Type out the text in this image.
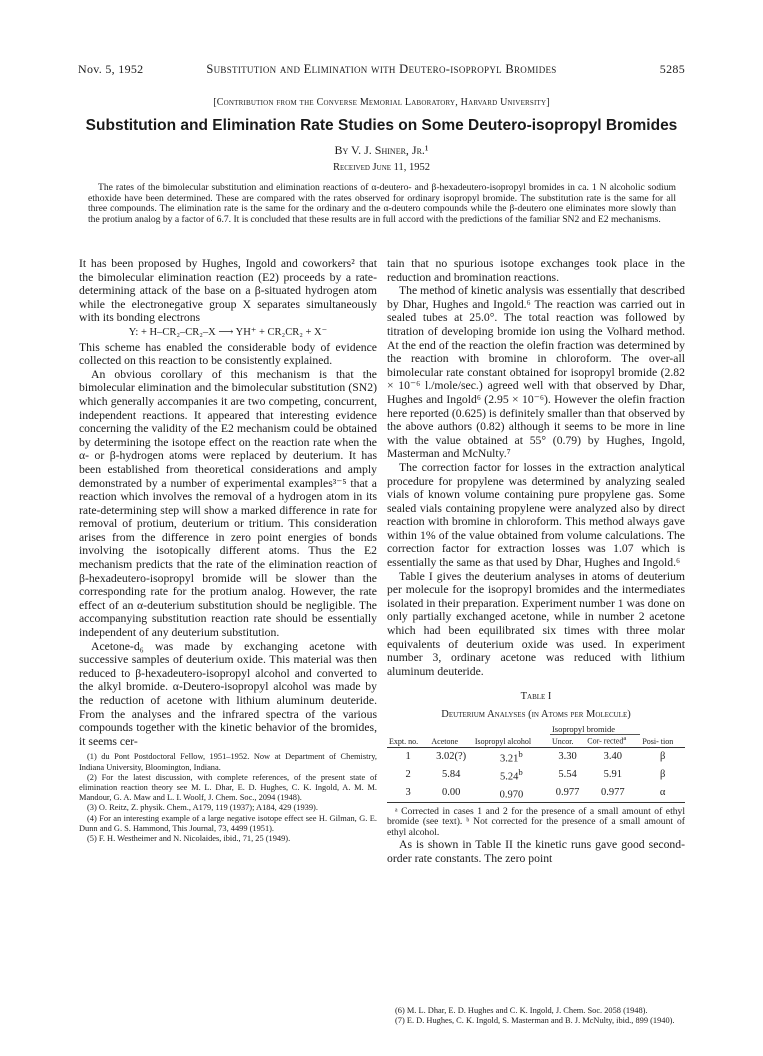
Nov. 5, 1952	Substitution and Elimination with Deutero-isopropyl Bromides	5285
[Contribution from the Converse Memorial Laboratory, Harvard University]
Substitution and Elimination Rate Studies on Some Deutero-isopropyl Bromides
By V. J. Shiner, Jr.¹
Received June 11, 1952
The rates of the bimolecular substitution and elimination reactions of α-deutero- and β-hexadeutero-isopropyl bromides in ca. 1 N alcoholic sodium ethoxide have been determined. These are compared with the rates observed for ordinary isopropyl bromide. The substitution rate is the same for all three compounds. The elimination rate is the same for the ordinary and the α-deutero compounds while the β-deutero one eliminates more slowly than the protium analog by a factor of 6.7. It is concluded that these results are in full accord with the predictions of the familiar SN2 and E2 mechanisms.

It has been proposed by Hughes, Ingold and coworkers² that the bimolecular elimination reaction (E2) proceeds by a rate-determining attack of the base on a β-situated hydrogen atom while the electronegative group X separates simultaneously with its bonding electrons

Y: + H–CR₂–CR₂–X ⟶ YH⁺ + CR₂CR₂ + X⁻

This scheme has enabled the considerable body of evidence collected on this reaction to be consistently explained.

An obvious corollary of this mechanism is that the bimolecular elimination and the bimolecular substitution (SN2) which generally accompanies it are two competing, concurrent, independent reactions. It appeared that interesting evidence concerning the validity of the E2 mechanism could be obtained by determining the isotope effect on the reaction rate when the α- or β-hydrogen atoms were replaced by deuterium. It has been established from theoretical considerations and amply demonstrated by a number of experimental examples³⁻⁵ that a reaction which involves the removal of a hydrogen atom in its rate-determining step will show a marked difference in rate for removal of protium, deuterium or tritium. This consideration arises from the difference in zero point energies of bonds involving the isotopically different atoms. Thus the E2 mechanism predicts that the rate of the elimination reaction of β-hexadeutero-isopropyl bromide will be slower than the corresponding rate for the protium analog. However, the rate effect of an α-deuterium substitution should be negligible. The accompanying substitution reaction rate should be essentially independent of any deuterium substitution.

Acetone-d₆ was made by exchanging acetone with successive samples of deuterium oxide. This material was then reduced to β-hexadeutero-isopropyl alcohol and converted to the alkyl bromide. α-Deutero-isopropyl alcohol was made by the reduction of acetone with lithium aluminum deuteride. From the analyses and the infrared spectra of the various compounds together with the kinetic behavior of the bromides, it seems cer-

(1) du Pont Postdoctoral Fellow, 1951–1952. Now at Department of Chemistry, Indiana University, Bloomington, Indiana.
(2) For the latest discussion, with complete references, of the present state of elimination reaction theory see M. L. Dhar, E. D. Hughes, C. K. Ingold, A. M. M. Mandour, G. A. Maw and L. I. Woolf, J. Chem. Soc., 2094 (1948).
(3) O. Reitz, Z. physik. Chem., A179, 119 (1937); A184, 429 (1939).
(4) For an interesting example of a large negative isotope effect see H. Gilman, G. E. Dunn and G. S. Hammond, This Journal, 73, 4499 (1951).
(5) F. H. Westheimer and N. Nicolaides, ibid., 71, 25 (1949).

tain that no spurious isotope exchanges took place in the reduction and bromination reactions.

The method of kinetic analysis was essentially that described by Dhar, Hughes and Ingold.⁶ The reaction was carried out in sealed tubes at 25.0°. The total reaction was followed by titration of developing bromide ion using the Volhard method. At the end of the reaction the olefin fraction was determined by the reaction with bromine in chloroform. The over-all bimolecular rate constant obtained for isopropyl bromide (2.82 × 10⁻⁶ l./mole/sec.) agreed well with that observed by Dhar, Hughes and Ingold⁶ (2.95 × 10⁻⁶). However the olefin fraction here reported (0.625) is definitely smaller than that observed by the above authors (0.82) although it seems to be more in line with the value obtained at 55° (0.79) by Hughes, Ingold, Masterman and McNulty.⁷

The correction factor for losses in the extraction analytical procedure for propylene was determined by analyzing sealed vials of known volume containing pure propylene gas. Some sealed vials containing propylene were analyzed also by direct reaction with bromine in chloroform. This method always gave within 1% of the value obtained from volume calculations. The correction factor for extraction losses was 1.07 which is essentially the same as that used by Dhar, Hughes and Ingold.⁶

Table I gives the deuterium analyses in atoms of deuterium per molecule for the isopropyl bromides and the intermediates isolated in their preparation. Experiment number 1 was done on only partially exchanged acetone, while in number 2 acetone which had been equilibrated six times with three molar equivalents of deuterium oxide was used. In experiment number 3, ordinary acetone was reduced with lithium aluminum deuteride.

Table I
Deuterium Analyses (in Atoms per Molecule)
			Isopropyl bromide		
Expt. no.	Acetone	Isopropyl alcohol	Uncor.	Cor- rected$^a$	Posi- tion
1	3.02(?)	3.21$^b$	3.30	3.40	β
2	5.84	5.24$^b$	5.54	5.91	β
3	0.00	0.970	0.977	0.977	α
ᵃ Corrected in cases 1 and 2 for the presence of a small amount of ethyl bromide (see text). ᵇ Not corrected for the presence of a small amount of ethyl alcohol.

As is shown in Table II the kinetic runs gave good second-order rate constants. The zero point

(6) M. L. Dhar, E. D. Hughes and C. K. Ingold, J. Chem. Soc. 2058 (1948).
(7) E. D. Hughes, C. K. Ingold, S. Masterman and B. J. McNulty, ibid., 899 (1940).
